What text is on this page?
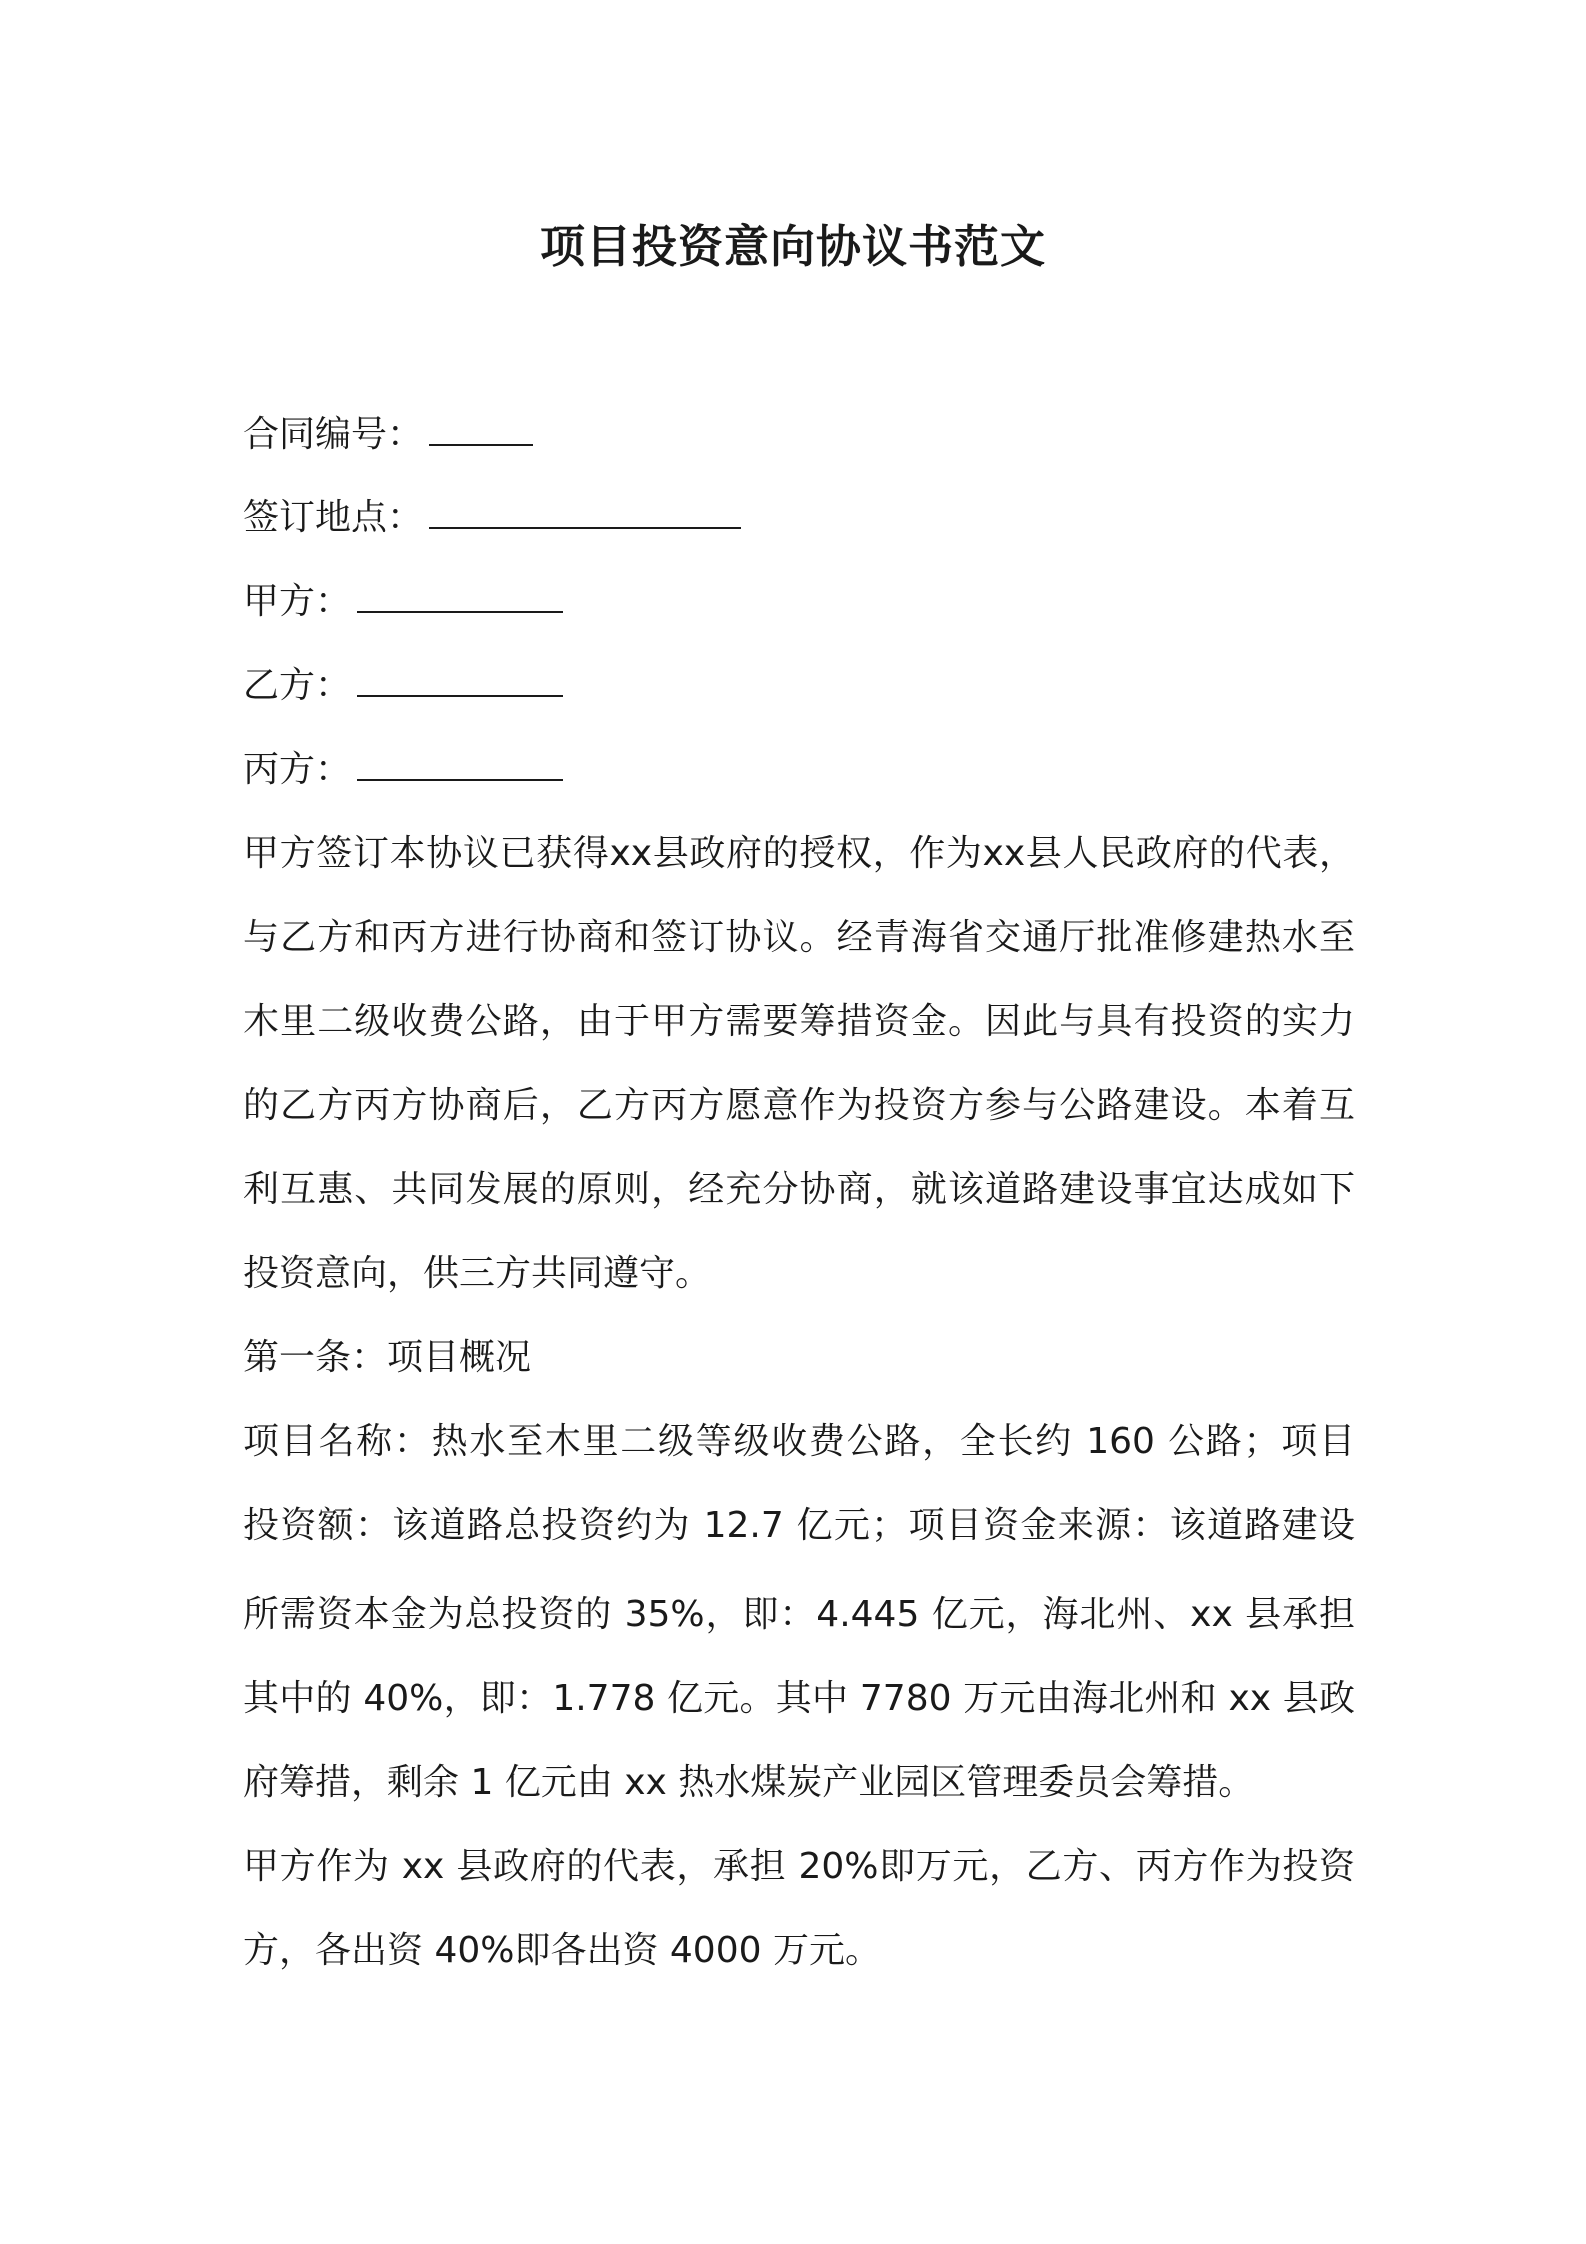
项目投资意向协议书范文
合同编号：
签订地点：
甲方：
乙方：
丙方：
甲方签订本协议已获得xx县政府的授权，作为xx县人民政府的代表，
与乙方和丙方进行协商和签订协议。经青海省交通厅批准修建热水至
木里二级收费公路，由于甲方需要筹措资金。因此与具有投资的实力
的乙方丙方协商后，乙方丙方愿意作为投资方参与公路建设。本着互
利互惠、共同发展的原则，经充分协商，就该道路建设事宜达成如下
投资意向，供三方共同遵守。
第一条：项目概况
项目名称：热水至木里二级等级收费公路，全长约 160 公路；项目
投资额：该道路总投资约为 12.7 亿元；项目资金来源：该道路建设
所需资本金为总投资的 35%，即：4.445 亿元，海北州、xx 县承担
其中的 40%，即：1.778 亿元。其中 7780 万元由海北州和 xx 县政
府筹措，剩余 1 亿元由 xx 热水煤炭产业园区管理委员会筹措。
甲方作为 xx 县政府的代表，承担 20%即万元，乙方、丙方作为投资
方，各出资 40%即各出资 4000 万元。
